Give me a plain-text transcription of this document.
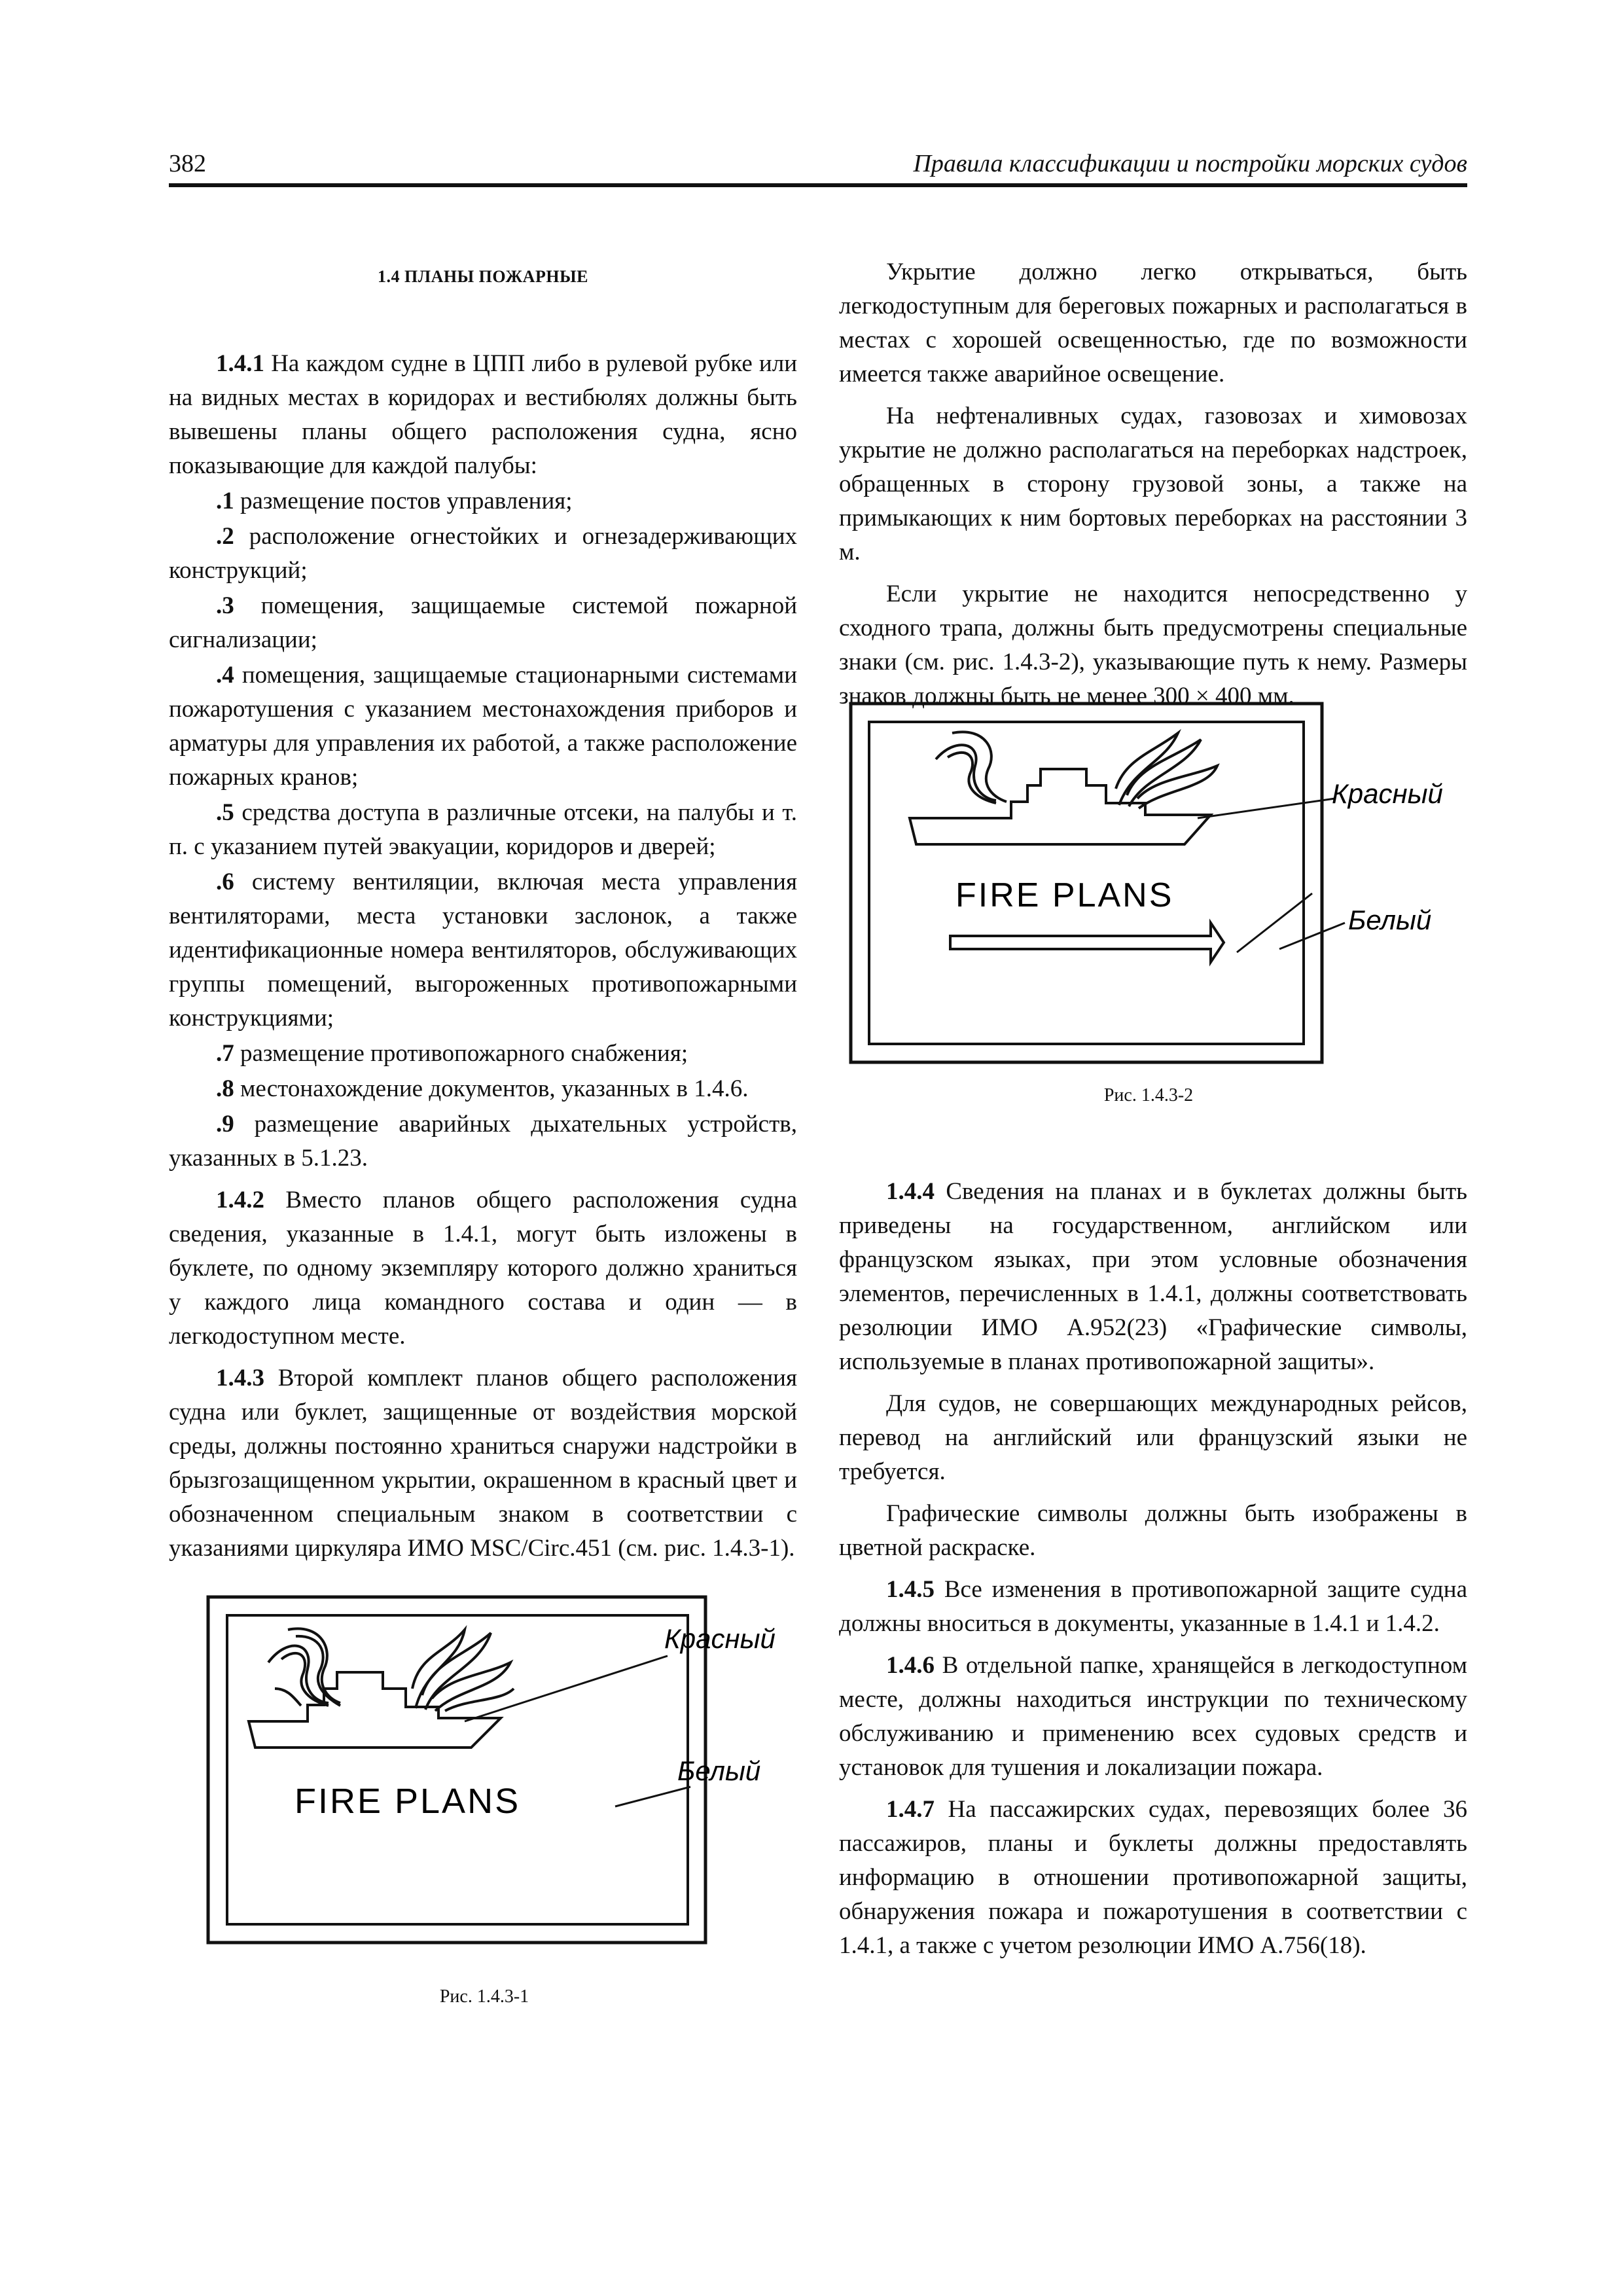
382	Правила классификации и постройки морских судов
1.4 ПЛАНЫ ПОЖАРНЫЕ

1.4.1 На каждом судне в ЦПП либо в рулевой рубке или на видных местах в коридорах и вестибюлях должны быть вывешены планы общего расположения судна, ясно показывающие для каждой палубы:

.1 размещение постов управления;

.2 расположение огнестойких и огнезадерживающих конструкций;

.3 помещения, защищаемые системой пожарной сигнализации;

.4 помещения, защищаемые стационарными системами пожаротушения с указанием местонахождения приборов и арматуры для управления их работой, а также расположение пожарных кранов;

.5 средства доступа в различные отсеки, на палубы и т. п. с указанием путей эвакуации, коридоров и дверей;

.6 систему вентиляции, включая места управления вентиляторами, места установки заслонок, а также идентификационные номера вентиляторов, обслуживающих группы помещений, выгороженных противопожарными конструкциями;

.7 размещение противопожарного снабжения;

.8 местонахождение документов, указанных в 1.4.6.

.9 размещение аварийных дыхательных устройств, указанных в 5.1.23.

1.4.2 Вместо планов общего расположения судна сведения, указанные в 1.4.1, могут быть изложены в буклете, по одному экземпляру которого должно храниться у каждого лица командного состава и один — в легкодоступном месте.

1.4.3 Второй комплект планов общего расположения судна или буклет, защищенные от воздействия морской среды, должны постоянно храниться снаружи надстройки в брызгозащищенном укрытии, окрашенном в красный цвет и обозначенном специальным знаком в соответствии с указаниями циркуляра ИМО MSC/Circ.451 (см. рис. 1.4.3-1).

FIRE PLANS
Красный
Белый
Рис. 1.4.3-1

Укрытие должно легко открываться, быть легкодоступным для береговых пожарных и располагаться в местах с хорошей освещенностью, где по возможности имеется также аварийное освещение.

На нефтеналивных судах, газовозах и химовозах укрытие не должно располагаться на переборках надстроек, обращенных в сторону грузовой зоны, а также на примыкающих к ним бортовых переборках на расстоянии 3 м.

Если укрытие не находится непосредственно у сходного трапа, должны быть предусмотрены специальные знаки (см. рис. 1.4.3-2), указывающие путь к нему. Размеры знаков должны быть не менее 300 × 400 мм.

FIRE PLANS
Красный
Белый
Рис. 1.4.3-2

1.4.4 Сведения на планах и в буклетах должны быть приведены на государственном, английском или французском языках, при этом условные обозначения элементов, перечисленных в 1.4.1, должны соответствовать резолюции ИМО А.952(23) «Графические символы, используемые в планах противопожарной защиты».

Для судов, не совершающих международных рейсов, перевод на английский или французский языки не требуется.

Графические символы должны быть изображены в цветной раскраске.

1.4.5 Все изменения в противопожарной защите судна должны вноситься в документы, указанные в 1.4.1 и 1.4.2.

1.4.6 В отдельной папке, хранящейся в легкодоступном месте, должны находиться инструкции по техническому обслуживанию и применению всех судовых средств и установок для тушения и локализации пожара.

1.4.7 На пассажирских судах, перевозящих более 36 пассажиров, планы и буклеты должны предоставлять информацию в отношении противопожарной защиты, обнаружения пожара и пожаротушения в соответствии с 1.4.1, а также с учетом резолюции ИМО А.756(18).
